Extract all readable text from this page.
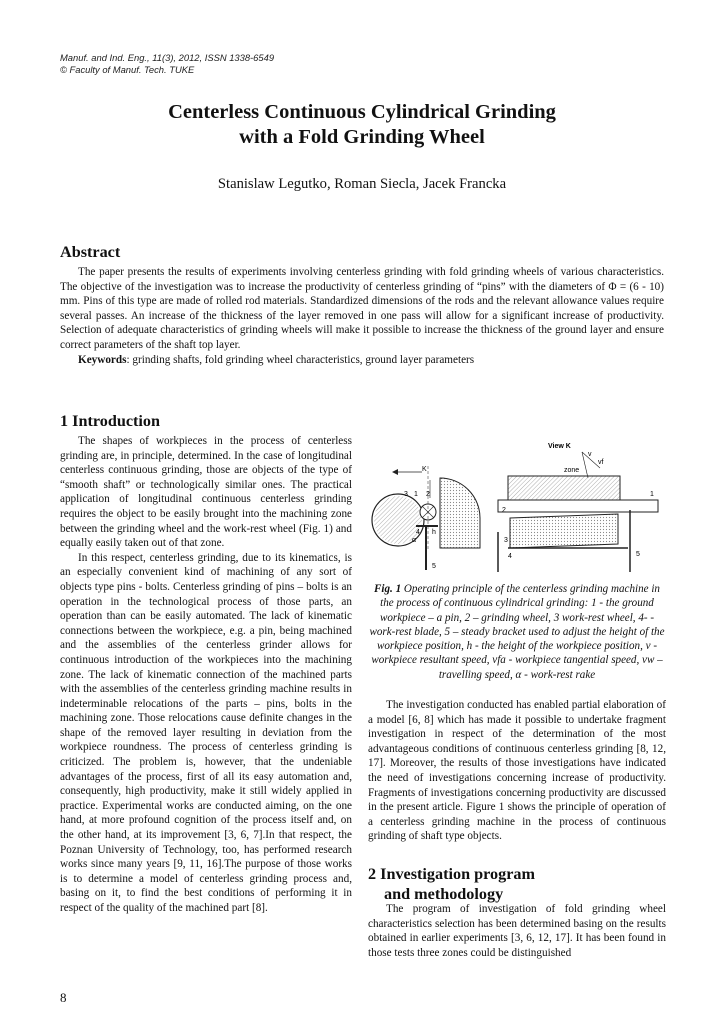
Manuf. and Ind. Eng., 11(3), 2012, ISSN 1338-6549
© Faculty of Manuf. Tech. TUKE
Centerless Continuous Cylindrical Grinding
with a Fold Grinding Wheel
Stanislaw Legutko, Roman Siecla, Jacek Francka
Abstract
The paper presents the results of experiments involving centerless grinding with fold grinding wheels of various characteristics. The objective of the investigation was to increase the productivity of centerless grinding of “pins” with the diameters of Φ = (6 - 10) mm. Pins of this type are made of rolled rod materials. Standardized dimensions of the rods and the relevant allowance values require several passes. An increase of the thickness of the layer removed in one pass will allow for a significant increase of productivity. Selection of adequate characteristics of grinding wheels will make it possible to increase the thickness of the ground layer and ensure correct parameters of the shaft top layer.
Keywords: grinding shafts, fold grinding wheel characteristics, ground layer parameters
1 Introduction

The shapes of workpieces in the process of centerless grinding are, in principle, determined. In the case of longitudinal centerless continuous grinding, those are objects of the type of “smooth shaft” or technologically similar ones. The practical application of longitudinal continuous centerless grinding requires the object to be easily brought into the machining zone between the grinding wheel and the work-rest wheel (Fig. 1) and equally easily taken out of that zone.

In this respect, centerless grinding, due to its kinematics, is an especially convenient kind of machining of any sort of objects type pins - bolts. Centerless grinding of pins – bolts is an operation in the technological process of those parts, an operation than can be easily automated. The lack of kinematic connections between the workpiece, e.g. a pin, being machined and the assemblies of the centerless grinder allows for continuous introduction of the workpieces into the machining zone. The lack of kinematic connection of the machined parts with the assemblies of the centerless grinding machine results in indeterminable relocations of the parts – pins, bolts in the machining zone. Those relocations cause definite changes in the shape of the removed layer resulting in deviation from the workpiece roundness. The process of centerless grinding is criticized. The problem is, however, that the undeniable advantages of the process, first of all its easy automation and, consequently, high productivity, make it still widely applied in practice. Experimental works are conducted aiming, on the one hand, at more profound cognition of the process itself and, on the other hand, at its improvement [3, 6, 7].In that respect, the Poznan University of Technology, too, has performed research works since many years [9, 11, 16].The purpose of those works is to determine a model of centerless grinding process and, basing on it, to find the best conditions of performing it in respect of the quality of the machined part [8].

K
3 1 2
4
α
h
5
View K
zone
v
vf
1
2
3
4	5
Fig. 1 Operating principle of the centerless grinding machine in the process of continuous cylindrical grinding: 1 - the ground workpiece – a pin, 2 – grinding wheel, 3 work-rest wheel, 4- - work-rest blade, 5 – steady bracket used to adjust the height of the workpiece position, h - the height of the workpiece position, v - workpiece resultant speed, vfa - workpiece tangential speed, vw – travelling speed, α - work-rest rake

The investigation conducted has enabled partial elaboration of a model [6, 8] which has made it possible to undertake fragment investigation in respect of the determination of the most advantageous conditions of continuous centerless grinding [8, 12, 17]. Moreover, the results of those investigations have indicated the need of investigations concerning increase of productivity. Fragments of investigations concerning productivity are discussed in the present article. Figure 1 shows the principle of operation of a centerless grinding machine in the process of continuous grinding of shaft type objects.

2 Investigation program
and methodology

The program of investigation of fold grinding wheel characteristics selection has been determined basing on the results obtained in earlier experiments [3, 6, 12, 17]. It has been found in those tests three zones could be distinguished

8
